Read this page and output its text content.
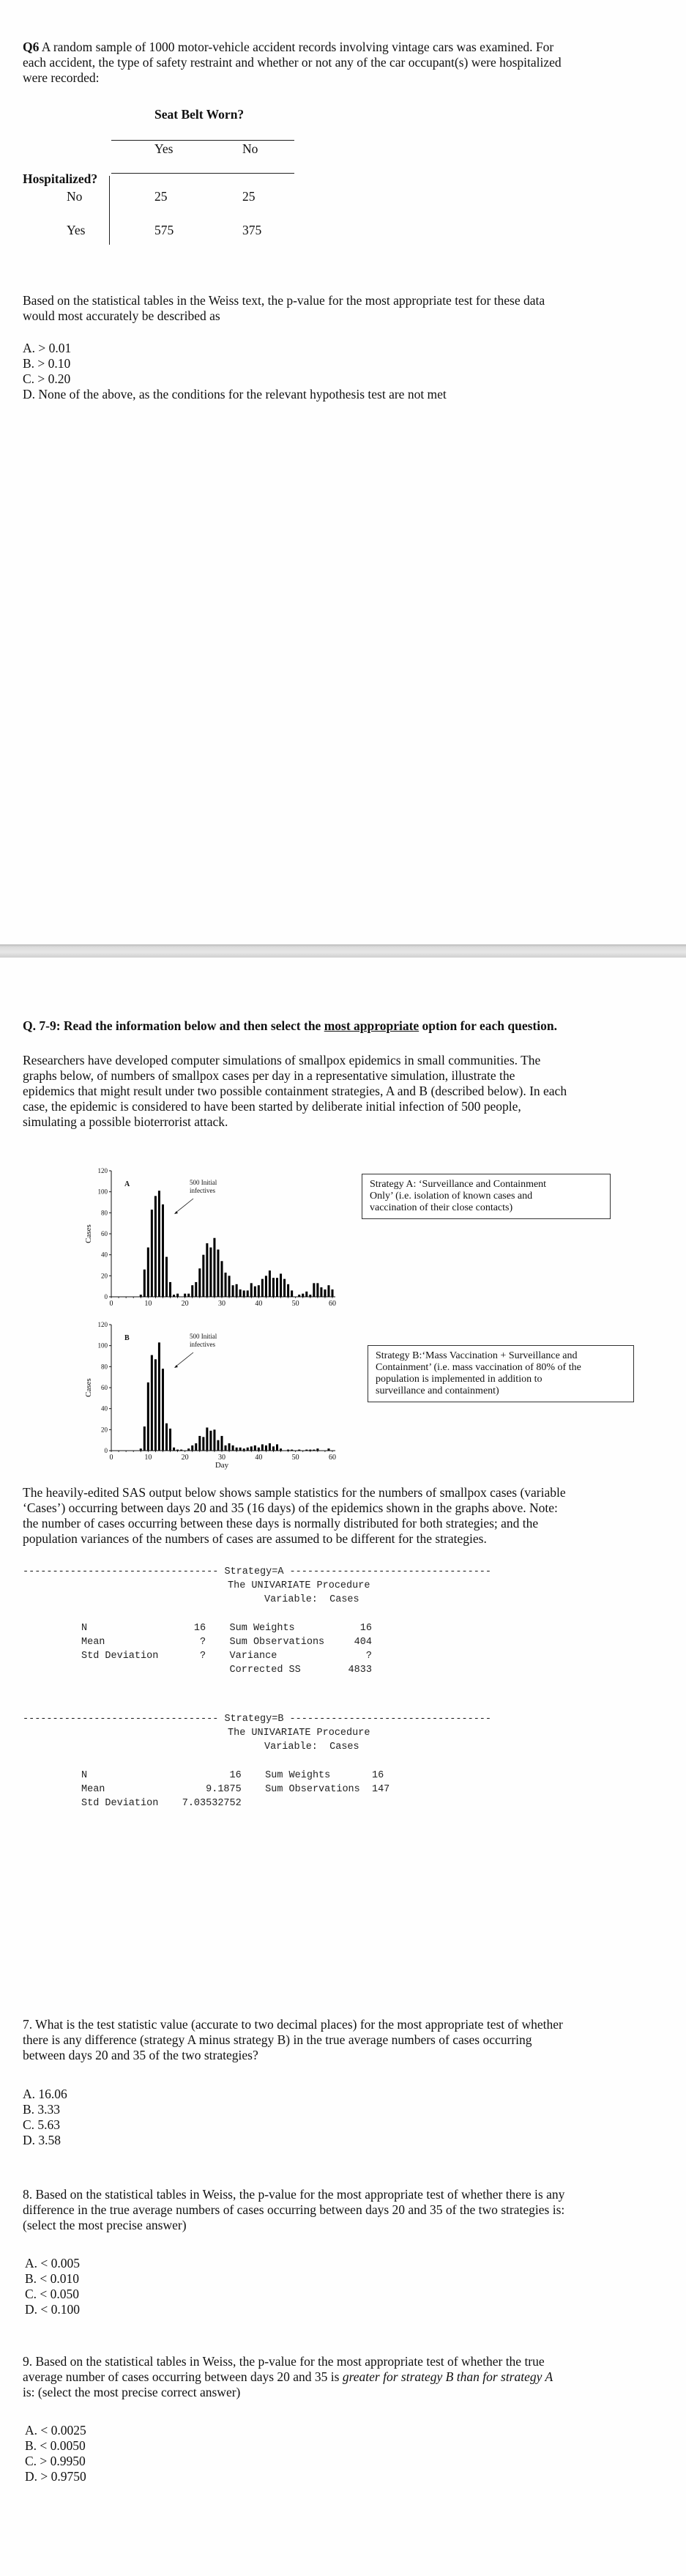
Q6 A random sample of 1000 motor-vehicle accident records involving vintage cars was examined. For
each accident, the type of safety restraint and whether or not any of the car occupant(s) were hospitalized
were recorded:
Seat Belt Worn?
Yes	No
Hospitalized?
No	25	25
Yes	575	375
Based on the statistical tables in the Weiss text, the p-value for the most appropriate test for these data
would most accurately be described as
A. > 0.01
B. > 0.10
C. > 0.20
D. None of the above, as the conditions for the relevant hypothesis test are not met
Q. 7-9: Read the information below and then select the most appropriate option for each question.
Researchers have developed computer simulations of smallpox epidemics in small communities. The
graphs below, of numbers of smallpox cases per day in a representative simulation, illustrate the
epidemics that might result under two possible containment strategies, A and B (described below). In each
case, the epidemic is considered to have been started by deliberate initial infection of 500 people,
simulating a possible bioterrorist attack.
0
20
40
60
80
100
120
0	10	20	30	40	50	60
A	500 Initial
infectives
Cases
0
20
40
60
80
100
120
0	10	20	30	40	50	60
B	500 Initial
infectives
Cases
Day
Strategy A: ‘Surveillance and Containment
Only’ (i.e. isolation of known cases and
vaccination of their close contacts)
Strategy B:‘Mass Vaccination + Surveillance and
Containment’ (i.e. mass vaccination of 80% of the
population is implemented in addition to
surveillance and containment)
The heavily-edited SAS output below shows sample statistics for the numbers of smallpox cases (variable
‘Cases’) occurring between days 20 and 35 (16 days) of the epidemics shown in the graphs above. Note:
the number of cases occurring between these days is normally distributed for both strategies; and the
population variances of the numbers of cases are assumed to be different for the strategies.
--------------------------------- Strategy=A ----------------------------------
The UNIVARIATE Procedure
Variable:  Cases
N                  16    Sum Weights           16
Mean                ?    Sum Observations     404
Std Deviation       ?    Variance               ?
Corrected SS        4833
--------------------------------- Strategy=B ----------------------------------
The UNIVARIATE Procedure
Variable:  Cases
N                        16    Sum Weights       16
Mean                 9.1875    Sum Observations  147
Std Deviation    7.03532752
7. What is the test statistic value (accurate to two decimal places) for the most appropriate test of whether
there is any difference (strategy A minus strategy B) in the true average numbers of cases occurring
between days 20 and 35 of the two strategies?
A. 16.06
B. 3.33
C. 5.63
D. 3.58
8. Based on the statistical tables in Weiss, the p-value for the most appropriate test of whether there is any
difference in the true average numbers of cases occurring between days 20 and 35 of the two strategies is:
(select the most precise answer)
A. < 0.005
B. < 0.010
C. < 0.050
D. < 0.100
9. Based on the statistical tables in Weiss, the p-value for the most appropriate test of whether the true
average number of cases occurring between days 20 and 35 is greater for strategy B than for strategy A
is: (select the most precise correct answer)
A. < 0.0025
B. < 0.0050
C. > 0.9950
D. > 0.9750
